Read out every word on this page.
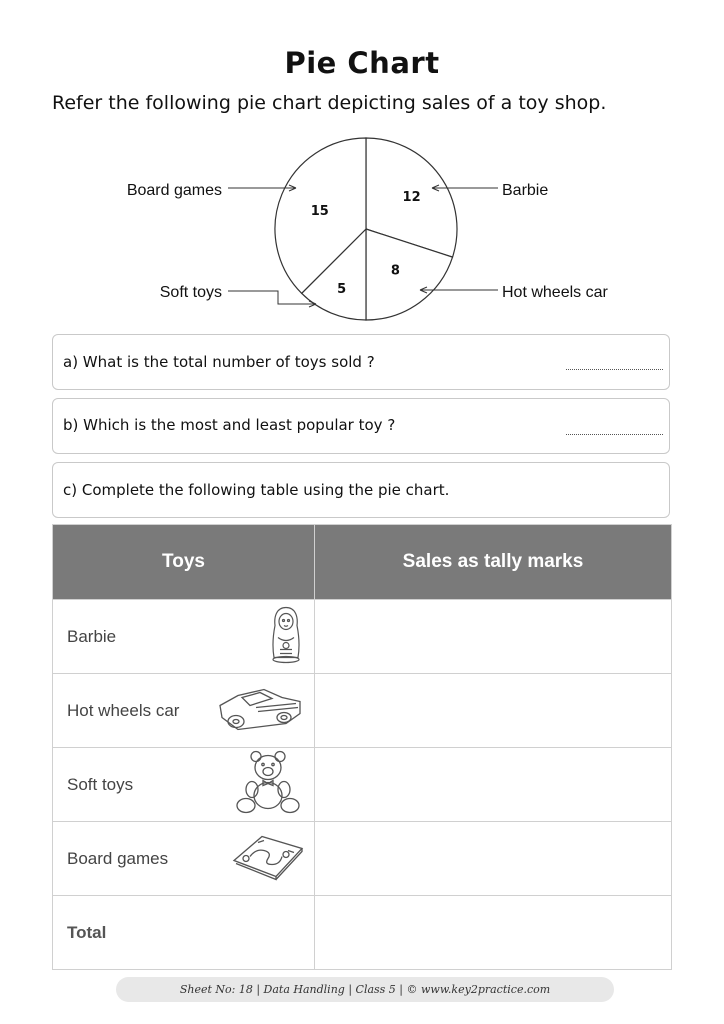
Pie Chart
Refer the following pie chart depicting sales of a toy shop.
12	Barbie
8
Hot wheels car
5
Soft toys
15
Board games
a) What is the total number of toys sold ?
b) Which is the most and least popular toy ?
c) Complete the following table using the pie chart.
Toys	Sales as tally marks

Barbie	

Hot wheels car	

Soft toys	

Board games	

Total	

Sheet No: 18 | Data Handling | Class 5 | © www.key2practice.com
